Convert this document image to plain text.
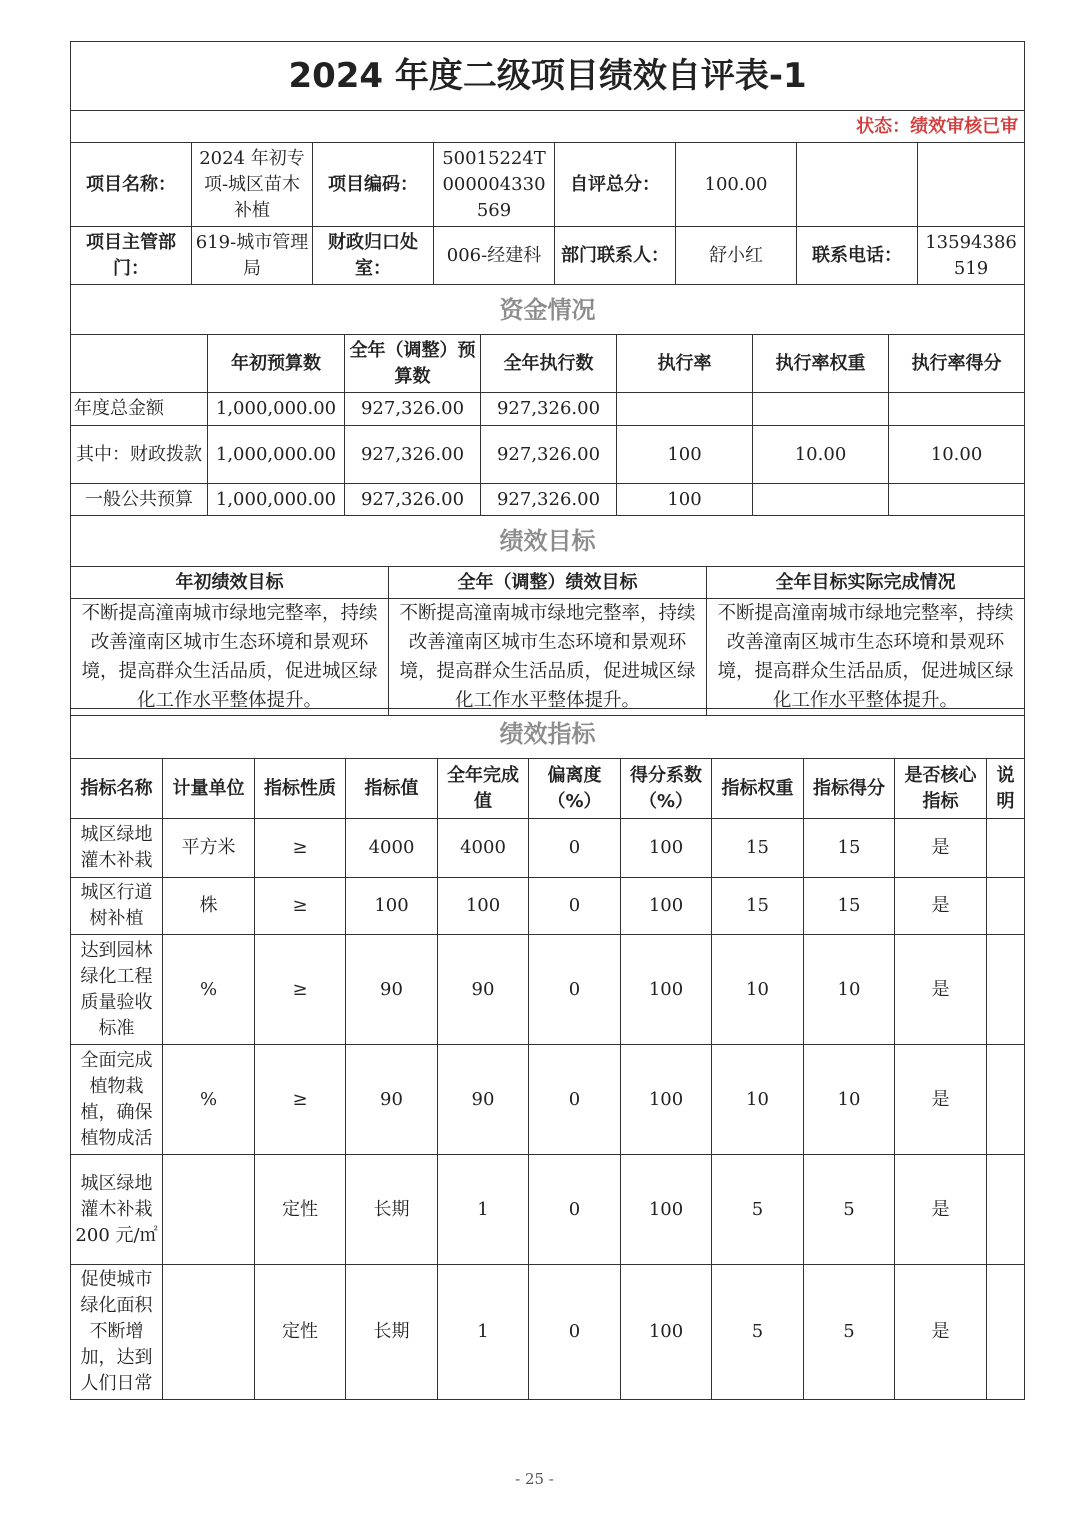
2024 年度二级项目绩效自评表-1							
状态：绩效审核已审							
项目名称：	2024 年初专项-城区苗木补植	项目编码：	50015224T000004330569	自评总分：	100.00		
项目主管部门：	619-城市管理局	财政归口处室：	006-经建科	部门联系人：	舒小红	联系电话：	13594386519
资金情况						
	年初预算数	全年（调整）预算数	全年执行数	执行率	执行率权重	执行率得分
年度总金额	1,000,000.00	927,326.00	927,326.00			
其中：财政拨款	1,000,000.00	927,326.00	927,326.00	100	10.00	10.00
一般公共预算	1,000,000.00	927,326.00	927,326.00	100		
绩效目标		
年初绩效目标	全年（调整）绩效目标	全年目标实际完成情况
不断提高潼南城市绿地完整率，持续改善潼南区城市生态环境和景观环境，提高群众生活品质，促进城区绿化工作水平整体提升。	不断提高潼南城市绿地完整率，持续改善潼南区城市生态环境和景观环境，提高群众生活品质，促进城区绿化工作水平整体提升。	不断提高潼南城市绿地完整率，持续改善潼南区城市生态环境和景观环境，提高群众生活品质，促进城区绿化工作水平整体提升。
绩效指标										
指标名称	计量单位	指标性质	指标值	全年完成值	偏离度（%）	得分系数（%）	指标权重	指标得分	是否核心指标	说明
城区绿地灌木补栽	平方米	≥	4000	4000	0	100	15	15	是	
城区行道树补植	株	≥	100	100	0	100	15	15	是	
达到园林绿化工程质量验收标准	%	≥	90	90	0	100	10	10	是	
全面完成植物栽植，确保植物成活	%	≥	90	90	0	100	10	10	是	
城区绿地灌木补栽 200 元/㎡		定性	长期	1	0	100	5	5	是	
促使城市绿化面积不断增加，达到人们日常		定性	长期	1	0	100	5	5	是	
- 25 -
